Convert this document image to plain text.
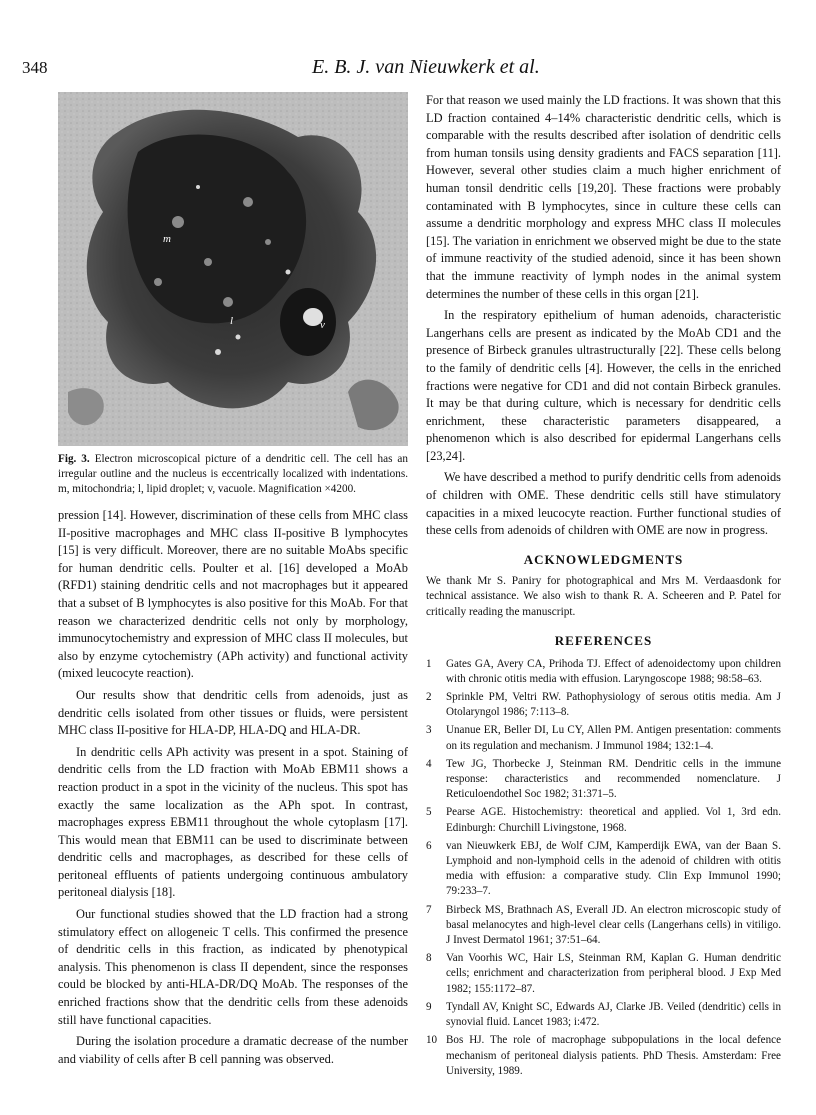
348	E. B. J. van Nieuwkerk et al.
m
l	v

Fig. 3. Electron microscopical picture of a dendritic cell. The cell has an irregular outline and the nucleus is eccentrically localized with indentations. m, mitochondria; l, lipid droplet; v, vacuole. Magnification ×4200.

pression [14]. However, discrimination of these cells from MHC class II-positive macrophages and MHC class II-positive B lymphocytes [15] is very difficult. Moreover, there are no suitable MoAbs specific for human dendritic cells. Poulter et al. [16] developed a MoAb (RFD1) staining dendritic cells and not macrophages but it appeared that a subset of B lymphocytes is also positive for this MoAb. For that reason we characterized dendritic cells not only by morphology, immunocytochemistry and expression of MHC class II molecules, but also by enzyme cytochemistry (APh activity) and functional activity (mixed leucocyte reaction).

Our results show that dendritic cells from adenoids, just as dendritic cells isolated from other tissues or fluids, were persistent MHC class II-positive for HLA-DP, HLA-DQ and HLA-DR.

In dendritic cells APh activity was present in a spot. Staining of dendritic cells from the LD fraction with MoAb EBM11 shows a reaction product in a spot in the vicinity of the nucleus. This spot has exactly the same localization as the APh spot. In contrast, macrophages express EBM11 throughout the whole cytoplasm [17]. This would mean that EBM11 can be used to discriminate between dendritic cells and macrophages, as described for these cells of peritoneal effluents of patients undergoing continuous ambulatory peritoneal dialysis [18].

Our functional studies showed that the LD fraction had a strong stimulatory effect on allogeneic T cells. This confirmed the presence of dendritic cells in this fraction, as indicated by phenotypical analysis. This phenomenon is class II dependent, since the responses could be blocked by anti-HLA-DR/DQ MoAb. The responses of the enriched fractions show that the dendritic cells from these adenoids still have functional capacities.

During the isolation procedure a dramatic decrease of the number and viability of cells after B cell panning was observed.

For that reason we used mainly the LD fractions. It was shown that this LD fraction contained 4–14% characteristic dendritic cells, which is comparable with the results described after isolation of dendritic cells from human tonsils using density gradients and FACS separation [11]. However, several other studies claim a much higher enrichment of human tonsil dendritic cells [19,20]. These fractions were probably contaminated with B lymphocytes, since in culture these cells can assume a dendritic morphology and express MHC class II molecules [15]. The variation in enrichment we observed might be due to the state of immune reactivity of the studied adenoid, since it has been shown that the immune reactivity of lymph nodes in the animal system determines the number of these cells in this organ [21].

In the respiratory epithelium of human adenoids, characteristic Langerhans cells are present as indicated by the MoAb CD1 and the presence of Birbeck granules ultrastructurally [22]. These cells belong to the family of dendritic cells [4]. However, the cells in the enriched fractions were negative for CD1 and did not contain Birbeck granules. It may be that during culture, which is necessary for dendritic cells enrichment, these characteristic parameters disappeared, a phenomenon which is also described for epidermal Langerhans cells [23,24].

We have described a method to purify dendritic cells from adenoids of children with OME. These dendritic cells still have stimulatory capacities in a mixed leucocyte reaction. Further functional studies of these cells from adenoids of children with OME are now in progress.

ACKNOWLEDGMENTS

We thank Mr S. Paniry for photographical and Mrs M. Verdaasdonk for technical assistance. We also wish to thank R. A. Scheeren and P. Patel for critically reading the manuscript.

REFERENCES
1	Gates GA, Avery CA, Prihoda TJ. Effect of adenoidectomy upon children with chronic otitis media with effusion. Laryngoscope 1988; 98:58–63.
2	Sprinkle PM, Veltri RW. Pathophysiology of serous otitis media. Am J Otolaryngol 1986; 7:113–8.
3	Unanue ER, Beller DI, Lu CY, Allen PM. Antigen presentation: comments on its regulation and mechanism. J Immunol 1984; 132:1–4.
4	Tew JG, Thorbecke J, Steinman RM. Dendritic cells in the immune response: characteristics and recommended nomenclature. J Reticuloendothel Soc 1982; 31:371–5.
5	Pearse AGE. Histochemistry: theoretical and applied. Vol 1, 3rd edn. Edinburgh: Churchill Livingstone, 1968.
6	van Nieuwkerk EBJ, de Wolf CJM, Kamperdijk EWA, van der Baan S. Lymphoid and non-lymphoid cells in the adenoid of children with otitis media with effusion: a comparative study. Clin Exp Immunol 1990; 79:233–7.
7	Birbeck MS, Brathnach AS, Everall JD. An electron microscopic study of basal melanocytes and high-level clear cells (Langerhans cells) in vitiligo. J Invest Dermatol 1961; 37:51–64.
8	Van Voorhis WC, Hair LS, Steinman RM, Kaplan G. Human dendritic cells; enrichment and characterization from peripheral blood. J Exp Med 1982; 155:1172–87.
9	Tyndall AV, Knight SC, Edwards AJ, Clarke JB. Veiled (dendritic) cells in synovial fluid. Lancet 1983; i:472.
10 Bos HJ. The role of macrophage subpopulations in the local defence mechanism of peritoneal dialysis patients. PhD Thesis. Amsterdam: Free University, 1989.
